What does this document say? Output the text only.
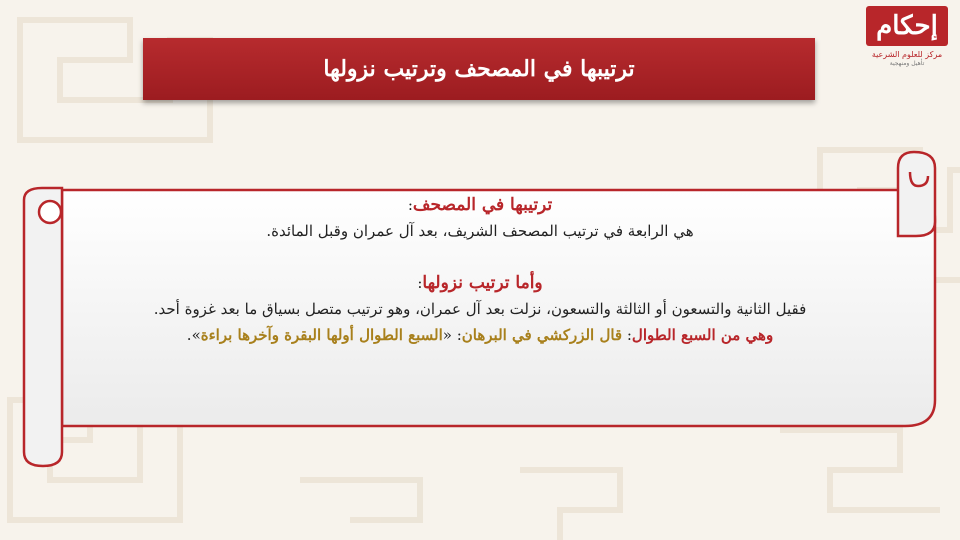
ترتيبها في المصحف وترتيب نزولها
إحكام
مركز للعلوم الشرعية
تأهيل ومنهجية
ترتيبها في المصحف:
هي الرابعة في ترتيب المصحف الشريف، بعد آل عمران وقبل المائدة.
وأما ترتيب نزولها:
فقيل الثانية والتسعون أو الثالثة والتسعون، نزلت بعد آل عمران، وهو ترتيب متصل بسياق ما بعد غزوة أحد.
وهي من السبع الطوال: قال الزركشي في البرهان: «السبع الطوال أولها البقرة وآخرها براءة».
